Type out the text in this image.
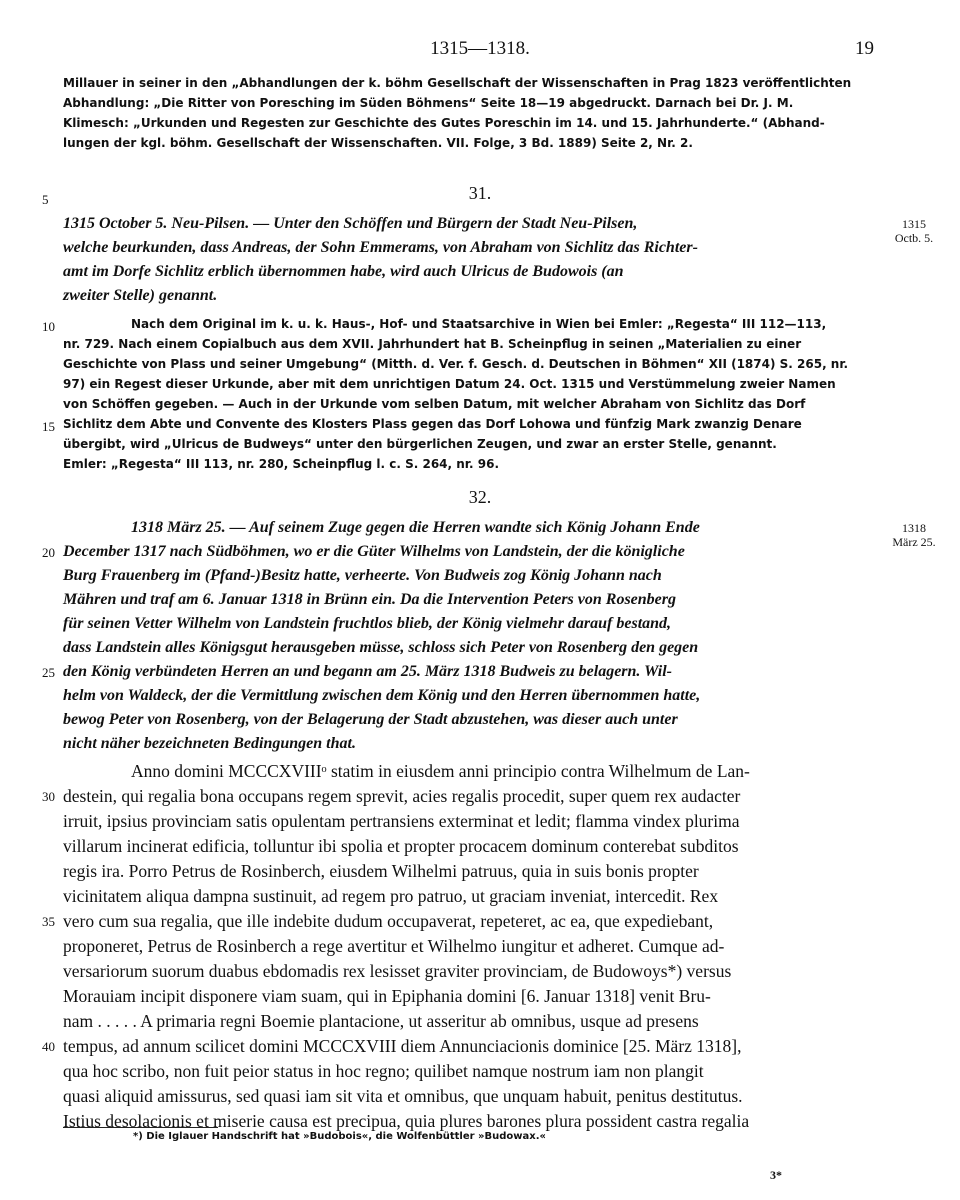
1315—1318.	19
Millauer in seiner in den „Abhandlungen der k. böhm Gesellschaft der Wissenschaften in Prag 1823 veröffentlichten
Abhandlung: „Die Ritter von Poresching im Süden Böhmens“ Seite 18—19 abgedruckt. Darnach bei Dr. J. M.
Klimesch: „Urkunden und Regesten zur Geschichte des Gutes Poreschin im 14. und 15. Jahrhunderte.“ (Abhand-
lungen der kgl. böhm. Gesellschaft der Wissenschaften. VII. Folge, 3 Bd. 1889) Seite 2, Nr. 2.
5	31.
1315
Octb. 5.
1315 October 5. Neu-Pilsen. — Unter den Schöffen und Bürgern der Stadt Neu-Pilsen,
welche beurkunden, dass Andreas, der Sohn Emmerams, von Abraham von Sichlitz das Richter-
amt im Dorfe Sichlitz erblich übernommen habe, wird auch Ulricus de Budowois (an
zweiter Stelle) genannt.
10	Nach dem Original im k. u. k. Haus-, Hof- und Staatsarchive in Wien bei Emler: „Regesta“ III 112—113,
nr. 729. Nach einem Copialbuch aus dem XVII. Jahrhundert hat B. Scheinpflug in seinen „Materialien zu einer
Geschichte von Plass und seiner Umgebung“ (Mitth. d. Ver. f. Gesch. d. Deutschen in Böhmen“ XII (1874) S. 265, nr.
97) ein Regest dieser Urkunde, aber mit dem unrichtigen Datum 24. Oct. 1315 und Verstümmelung zweier Namen
von Schöffen gegeben. — Auch in der Urkunde vom selben Datum, mit welcher Abraham von Sichlitz das Dorf
Sichlitz dem Abte und Convente des Klosters Plass gegen das Dorf Lohowa und fünfzig Mark zwanzig Denare
übergibt, wird „Ulricus de Budweys“ unter den bürgerlichen Zeugen, und zwar an erster Stelle, genannt.
Emler: „Regesta“ III 113, nr. 280, Scheinpflug l. c. S. 264, nr. 96.
15
32.
1318
März 25.
20
1318 März 25. — Auf seinem Zuge gegen die Herren wandte sich König Johann Ende
December 1317 nach Südböhmen, wo er die Güter Wilhelms von Landstein, der die königliche
Burg Frauenberg im (Pfand-)Besitz hatte, verheerte. Von Budweis zog König Johann nach
Mähren und traf am 6. Januar 1318 in Brünn ein. Da die Intervention Peters von Rosenberg
für seinen Vetter Wilhelm von Landstein fruchtlos blieb, der König vielmehr darauf bestand,
dass Landstein alles Königsgut herausgeben müsse, schloss sich Peter von Rosenberg den gegen
den König verbündeten Herren an und begann am 25. März 1318 Budweis zu belagern. Wil-
helm von Waldeck, der die Vermittlung zwischen dem König und den Herren übernommen hatte,
bewog Peter von Rosenberg, von der Belagerung der Stadt abzustehen, was dieser auch unter
nicht näher bezeichneten Bedingungen that.
25
Anno domini MCCCXVIIIᵒ statim in eiusdem anni principio contra Wilhelmum de Lan-
destein, qui regalia bona occupans regem sprevit, acies regalis procedit, super quem rex audacter
irruit, ipsius provinciam satis opulentam pertransiens exterminat et ledit; flamma vindex plurima
villarum incinerat edificia, tolluntur ibi spolia et propter procacem dominum conterebat subditos
regis ira. Porro Petrus de Rosinberch, eiusdem Wilhelmi patruus, quia in suis bonis propter
vicinitatem aliqua dampna sustinuit, ad regem pro patruo, ut graciam inveniat, intercedit. Rex
vero cum sua regalia, que ille indebite dudum occupaverat, repeteret, ac ea, que expediebant,
proponeret, Petrus de Rosinberch a rege avertitur et Wilhelmo iungitur et adheret. Cumque ad-
versariorum suorum duabus ebdomadis rex lesisset graviter provinciam, de Budowoys*) versus
Morauiam incipit disponere viam suam, qui in Epiphania domini [6. Januar 1318] venit Bru-
nam . . . . . A primaria regni Boemie plantacione, ut asseritur ab omnibus, usque ad presens
tempus, ad annum scilicet domini MCCCXVIII diem Annunciacionis dominice [25. März 1318],
qua hoc scribo, non fuit peior status in hoc regno; quilibet namque nostrum iam non plangit
quasi aliquid amissurus, sed quasi iam sit vita et omnibus, que unquam habuit, penitus destitutus.
Istius desolacionis et miserie causa est precipua, quia plures barones plura possident castra regalia
30
35
40
*) Die Iglauer Handschrift hat »Budobois«, die Wolfenbüttler »Budowax.«
3*
